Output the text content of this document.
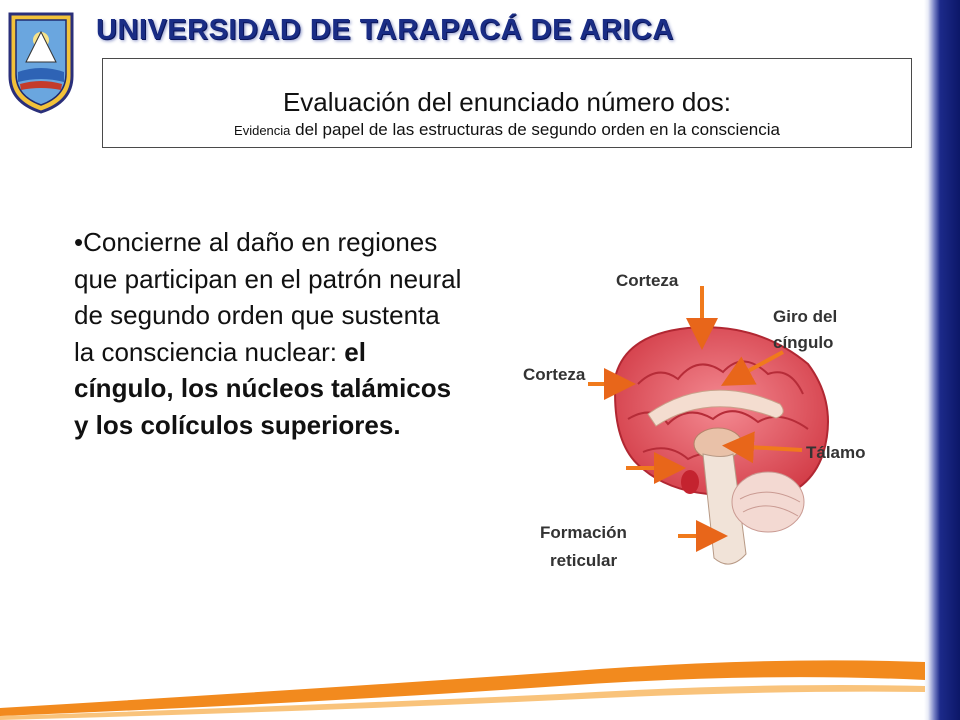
UNIVERSIDAD DE TARAPACÁ DE ARICA
Evaluación del enunciado número dos:
Evidencia del papel de las estructuras de segundo orden en la consciencia
•Concierne al daño en regiones que participan en el patrón neural de segundo orden que sustenta la consciencia nuclear: el cíngulo, los núcleos talámicos y los colículos superiores.
Corteza
Giro del
cíngulo
Corteza
Tálamo
Formación
reticular
